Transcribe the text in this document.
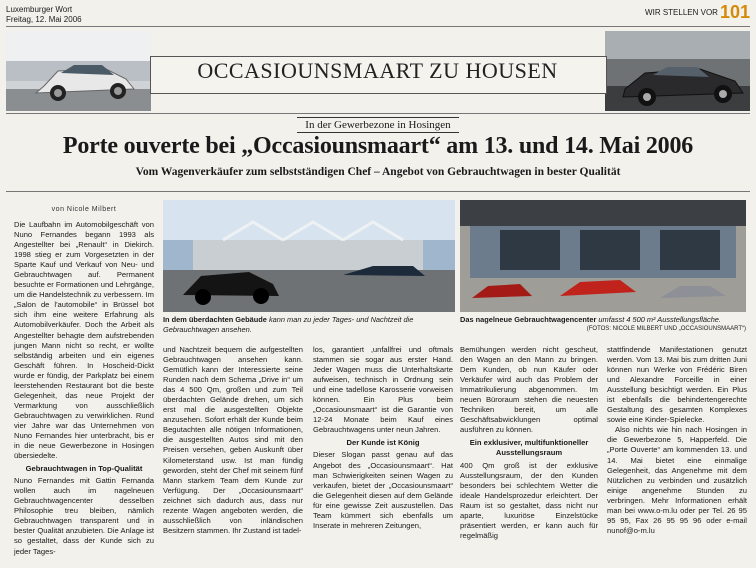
Luxemburger Wort
Freitag, 12. Mai 2006
WIR STELLEN VOR 101
OCCASIOUNSMAART ZU HOUSEN
In der Gewerbezone in Hosingen
Porte ouverte bei „Occasiounsmaart“ am 13. und 14. Mai 2006
Vom Wagenverkäufer zum selbstständigen Chef – Angebot von Gebrauchtwagen in bester Qualität
von Nicole Milbert

Die Laufbahn im Automobilgeschäft von Nuno Fernandes begann 1993 als Angestellter bei „Renault“ in Diekirch. 1998 stieg er zum Vorgesetzten in der Sparte Kauf und Verkauf von Neu- und Gebrauchtwagen auf. Permanent besuchte er Formationen und Lehrgänge, um die Handelstechnik zu verbessern. Im „Salon de l'automobile“ in Brüssel bot sich ihm eine weitere Erfahrung als Automobilverkäufer. Doch the Arbeit als Angestellter behagte dem aufstrebenden jungen Mann nicht so recht, er wollte selbständig arbeiten und ein eigenes Geschäft führen. In Hoscheid-Dickt wurde er fündig, der Parkplatz bei einem leerstehenden Restaurant bot die beste Gelegenheit, das neue Projekt der Vermarktung von ausschließlich Gebrauchtwagen zu verwirklichen. Rund vier Jahre war das Unternehmen von Nuno Fernandes hier unterbracht, bis er in die neue Gewerbezone in Hosingen übersiedelte.

Gebrauchtwagen in Top-Qualität

Nuno Fernandes mit Gattin Fernanda wollen auch im nagelneuen Gebrauchtwagencenter desselben Philosophie treu bleiben, nämlich Gebrauchtwagen transparent und in bester Qualität anzubieten. Die Anlage ist so gestaltet, dass der Kunde sich zu jeder Tages-

In dem überdachten Gebäude kann man zu jeder Tages- und Nachtzeit die Gebrauchtwagen ansehen.
Das nagelneue Gebrauchtwagencenter umfasst 4 500 m² Ausstellungsfläche.
(FOTOS: NICOLE MILBERT UND „OCCASIOUNSMAART“)

und Nachtzeit bequem die aufgestellten Gebrauchtwagen ansehen kann. Gemütlich kann der Interessierte seine Runden nach dem Schema „Drive in“ um das 4 500 Qm, großen und zum Teil überdachten Gelände drehen, um sich erst mal die ausgestellten Objekte anzusehen. Sofort erhält der Kunde beim Begutachten alle nötigen Informationen, die ausgestellten Autos sind mit den Preisen versehen, geben Auskunft über Kilometerstand usw. Ist man fündig geworden, steht der Chef mit seinem fünf Mann starkem Team dem Kunde zur Verfügung. Der „Occasiounsmaart“ zeichnet sich dadurch aus, dass nur rezente Wagen angeboten werden, die ausschließlich von inländischen Besitzern stammen. Ihr Zustand ist tadel-

los, garantiert ‚unfallfrei und oftmals stammen sie sogar aus erster Hand. Jeder Wagen muss die Unterhaltskarte aufweisen, technisch in Ordnung sein und eine tadellose Karosserie vorweisen können. Ein Plus beim „Occasiounsmaart“ ist die Garantie von 12-24 Monate beim Kauf eines Gebrauchtwagens unter neun Jahren.

Der Kunde ist König

Dieser Slogan passt genau auf das Angebot des „Occasiounsmaart“. Hat man Schwierigkeiten seinen Wagen zu verkaufen, bietet der „Occasiounsmaart“ die Gelegenheit diesen auf dem Gelände für eine gewisse Zeit auszustellen. Das Team kümmert sich ebenfalls um Inserate in mehreren Zeitungen,

Bemühungen werden nicht gescheut, den Wagen an den Mann zu bringen. Dem Kunden, ob nun Käufer oder Verkäufer wird auch das Problem der Immatrikulierung abgenommen. Im neuen Büroraum stehen die neuesten Techniken bereit, um alle Geschäftsabwicklungen optimal ausführen zu können.

Ein exklusiver, multifunktioneller Ausstellungsraum

400 Qm groß ist der exklusive Ausstellungsraum, der den Kunden besonders bei schlechtem Wetter die ideale Handelsprozedur erleichtert. Der Raum ist so gestaltet, dass nicht nur aparte, luxuriöse Einzelstücke präsentiert werden, er kann auch für regelmäßig

stattfindende Manifestationen genutzt werden. Vom 13. Mai bis zum dritten Juni können nun Werke von Frédéric Biren und Alexandre Forceille in einer Ausstellung besichtigt werden. Ein Plus ist ebenfalls die behindertengerechte Gestaltung des gesamten Komplexes sowie eine Kinder-Spielecke.

Also nichts wie hin nach Hosingen in die Gewerbezone 5, Happerfeld. Die „Porte Ouverte“ am kommenden 13. und 14. Mai bietet eine einmalige Gelegenheit, das Angenehme mit dem Nützlichen zu verbinden und zusätzlich einige angenehme Stunden zu verbringen. Mehr Informationen erhält man bei www.o-m.lu oder per Tel. 26 95 95 95, Fax 26 95 95 96 oder e-mail nunof@o-m.lu
